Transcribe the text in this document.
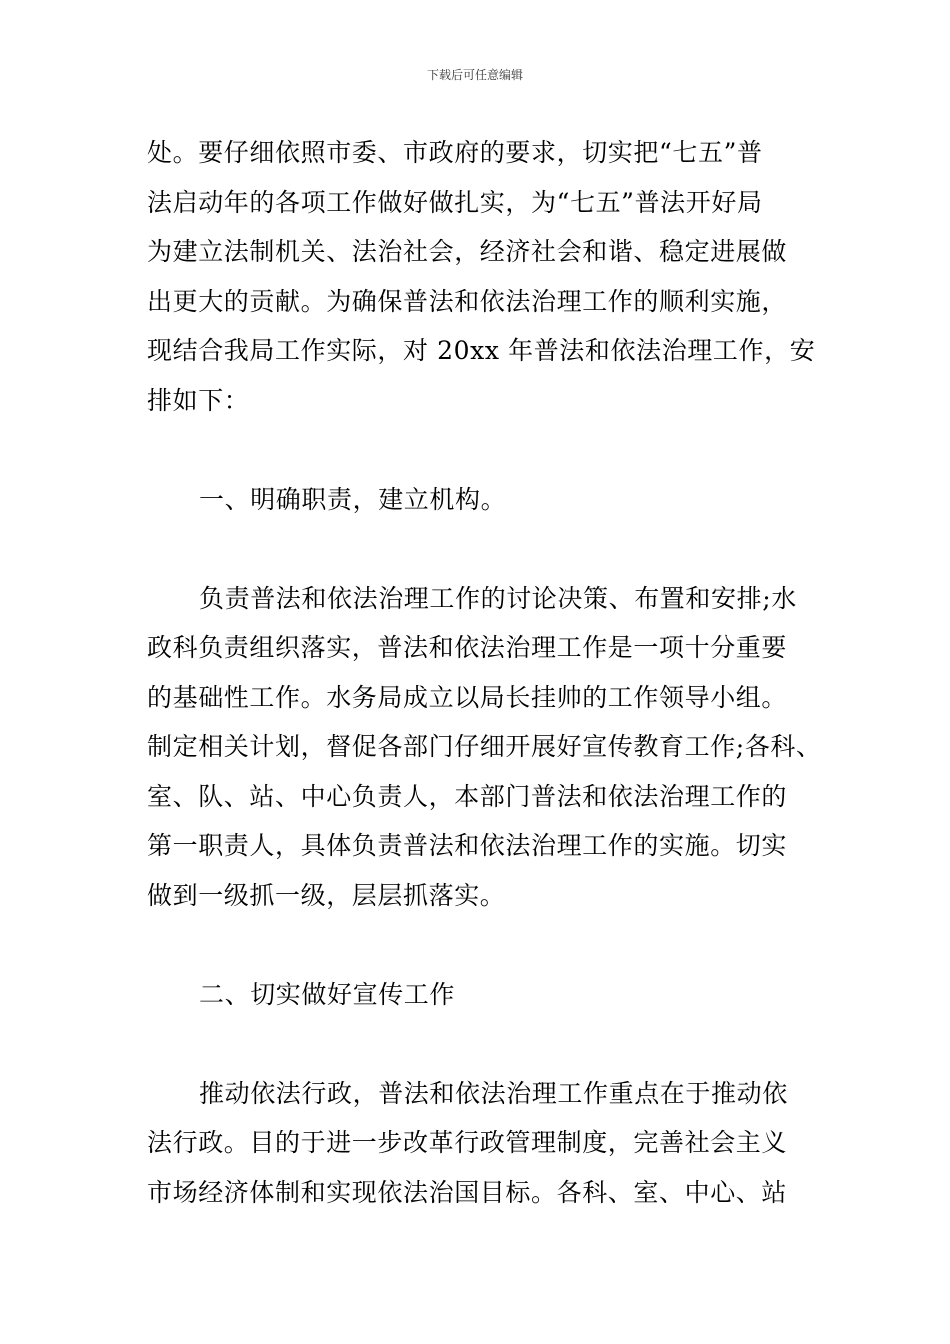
下载后可任意编辑
处。要仔细依照市委、市政府的要求，切实把“七五”普
法启动年的各项工作做好做扎实，为“七五”普法开好局
为建立法制机关、法治社会，经济社会和谐、稳定进展做
出更大的贡献。为确保普法和依法治理工作的顺利实施，
现结合我局工作实际，对 20xx 年普法和依法治理工作，安
排如下：
一、明确职责，建立机构。
负责普法和依法治理工作的讨论决策、布置和安排;水
政科负责组织落实，普法和依法治理工作是一项十分重要
的基础性工作。水务局成立以局长挂帅的工作领导小组。
制定相关计划，督促各部门仔细开展好宣传教育工作;各科、
室、队、站、中心负责人，本部门普法和依法治理工作的
第一职责人，具体负责普法和依法治理工作的实施。切实
做到一级抓一级，层层抓落实。
二、切实做好宣传工作
推动依法行政，普法和依法治理工作重点在于推动依
法行政。目的于进一步改革行政管理制度，完善社会主义
市场经济体制和实现依法治国目标。各科、室、中心、站
